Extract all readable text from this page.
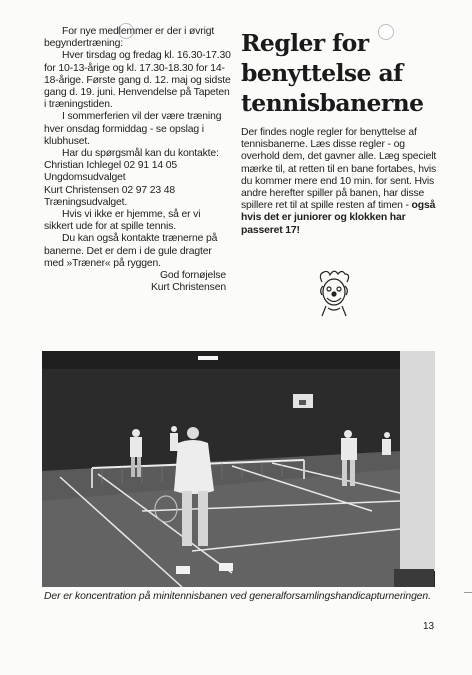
For nye medlemmer er der i øvrigt begyndertræning:

Hver tirsdag og fredag kl. 16.30-17.30 for 10-13-årige og kl. 17.30-18.30 for 14-18-årige. Første gang d. 12. maj og sidste gang d. 19. juni. Henvendelse på Tapeten i træningstiden.

I sommerferien vil der være træning hver onsdag formiddag - se opslag i klubhuset.

Har du spørgsmål kan du kontakte:

Christian Ichlegel 02 91 14 05 Ungdomsudvalget

Kurt Christensen 02 97 23 48 Træningsudvalget.

Hvis vi ikke er hjemme, så er vi sikkert ude for at spille tennis.

Du kan også kontakte trænerne på banerne. Det er dem i de gule dragter med »Træner« på ryggen.

God fornøjelse

Kurt Christensen

Regler for
benyttelse af
tennisbanerne
Der findes nogle regler for benyttelse af tennisbanerne. Læs disse regler - og overhold dem, det gavner alle. Læg specielt mærke til, at retten til en bane fortabes, hvis du kommer mere end 10 min. for sent. Hvis andre herefter spiller på banen, har disse spillere ret til at spille resten af timen - også hvis det er juniorer og klokken har passeret 17!
Der er koncentration på minitennisbanen ved generalforsamlingshandicapturneringen.
13
